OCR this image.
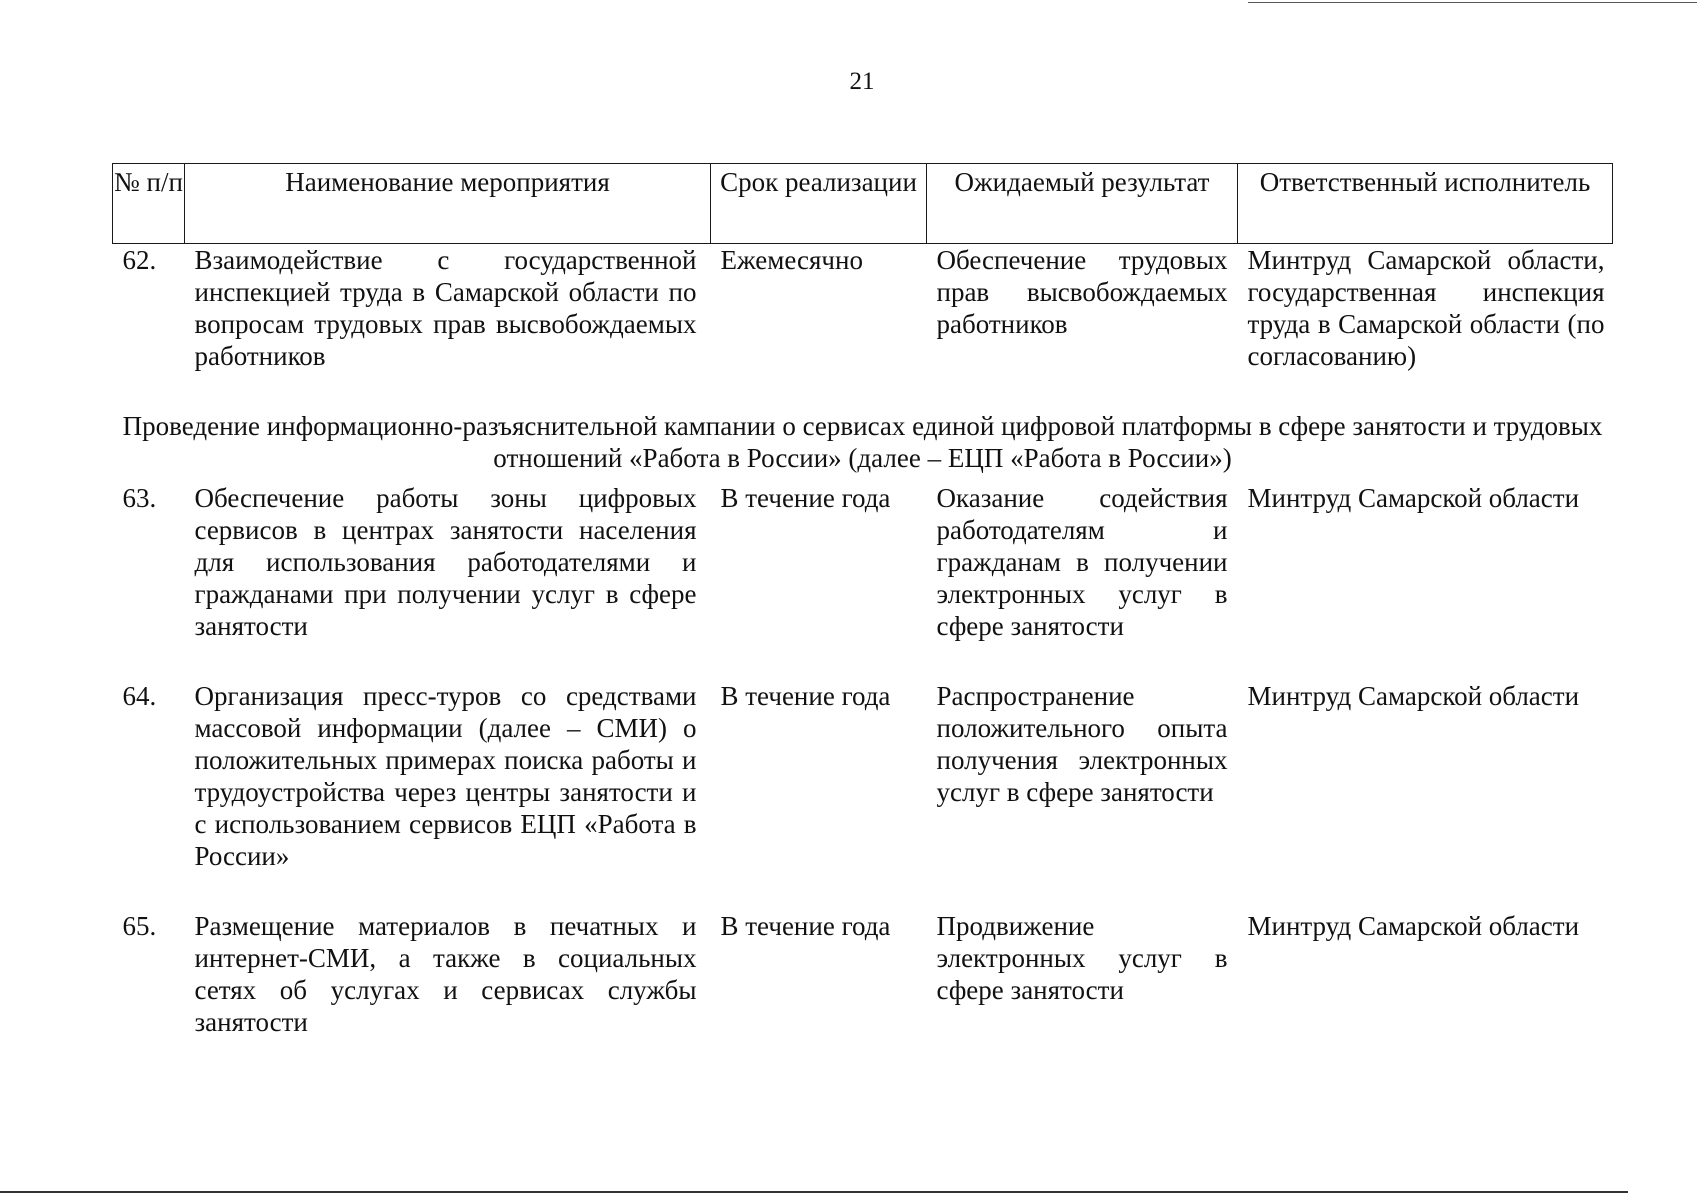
21
№ п/п	Наименование мероприятия	Срок реализации	Ожидаемый результат	Ответственный исполнитель
62.	Взаимодействие с государственной инспекцией труда в Самарской области по вопросам трудовых прав высвобождаемых работников	Ежемесячно	Обеспечение трудовых прав высвобождаемых работников	Минтруд Самарской области, государственная инспекция труда в Самарской области (по согласованию)
Проведение информационно-разъяснительной кампании о сервисах единой цифровой платформы в сфере занятости и трудовых отношений «Работа в России» (далее – ЕЦП «Работа в России»)				
63.	Обеспечение работы зоны цифровых сервисов в центрах занятости населения для использования работодателями и гражданами при получении услуг в сфере занятости	В течение года	Оказание содействия работодателям и гражданам в получении электронных услуг в сфере занятости	Минтруд Самарской области

64.	Организация пресс-туров со средствами массовой информации (далее – СМИ) о положительных примерах поиска работы и трудоустройства через центры занятости и с использованием сервисов ЕЦП «Работа в России»	В течение года	Распространение положительного опыта получения электронных услуг в сфере занятости	Минтруд Самарской области

65.	Размещение материалов в печатных и интернет-СМИ, а также в социальных сетях об услугах и сервисах службы занятости	В течение года	Продвижение электронных услуг в сфере занятости	Минтруд Самарской области
